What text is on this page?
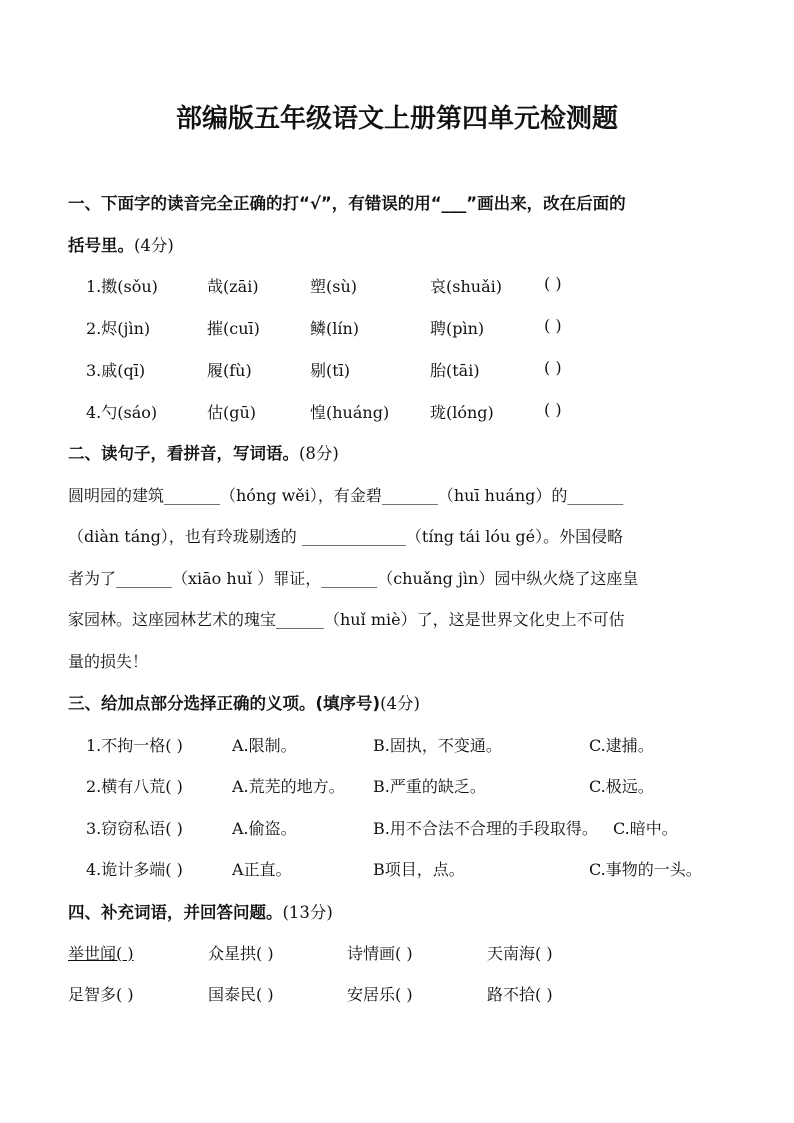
部编版五年级语文上册第四单元检测题
一、下面字的读音完全正确的打“√”，有错误的用“___”画出来，改在后面的
括号里。(4分)
1.擞(sǒu)	哉(zāi)	塑(sù)	哀(shuǎi)	( )
2.烬(jìn)	摧(cuī)	鳞(lín)	聘(pìn)	( )
3.戚(qī)	履(fù)	剔(tī)	胎(tāi)	( )
4.勺(sáo)	估(gū)	惶(huáng)	珑(lóng)	( )
二、读句子，看拼音，写词语。(8分)
圆明园的建筑_______（hóng wěi），有金碧_______（huī huáng）的_______
（diàn táng），也有玲珑剔透的 _____________（tíng tái lóu gé）。外国侵略
者为了_______（xiāo huǐ ）罪证，_______（chuǎng jìn）园中纵火烧了这座皇
家园林。这座园林艺术的瑰宝______（huǐ miè）了，这是世界文化史上不可估
量的损失！
三、给加点部分选择正确的义项。(填序号)(4分)
1.不拘一格( )	A.限制。	B.固执，不变通。	C.逮捕。
2.横有八荒( )	A.荒芜的地方。 B.严重的缺乏。	C.极远。
3.窃窃私语( )	A.偷盗。	B.用不合法不合理的手段取得。 C.暗中。
4.诡计多端( )	A正直。	B项目，点。	C.事物的一头。
四、补充词语，并回答问题。(13分)
举世闻( )	众星拱( )	诗情画( )	天南海( )
足智多( )	国泰民( )	安居乐( )	路不拾( )
